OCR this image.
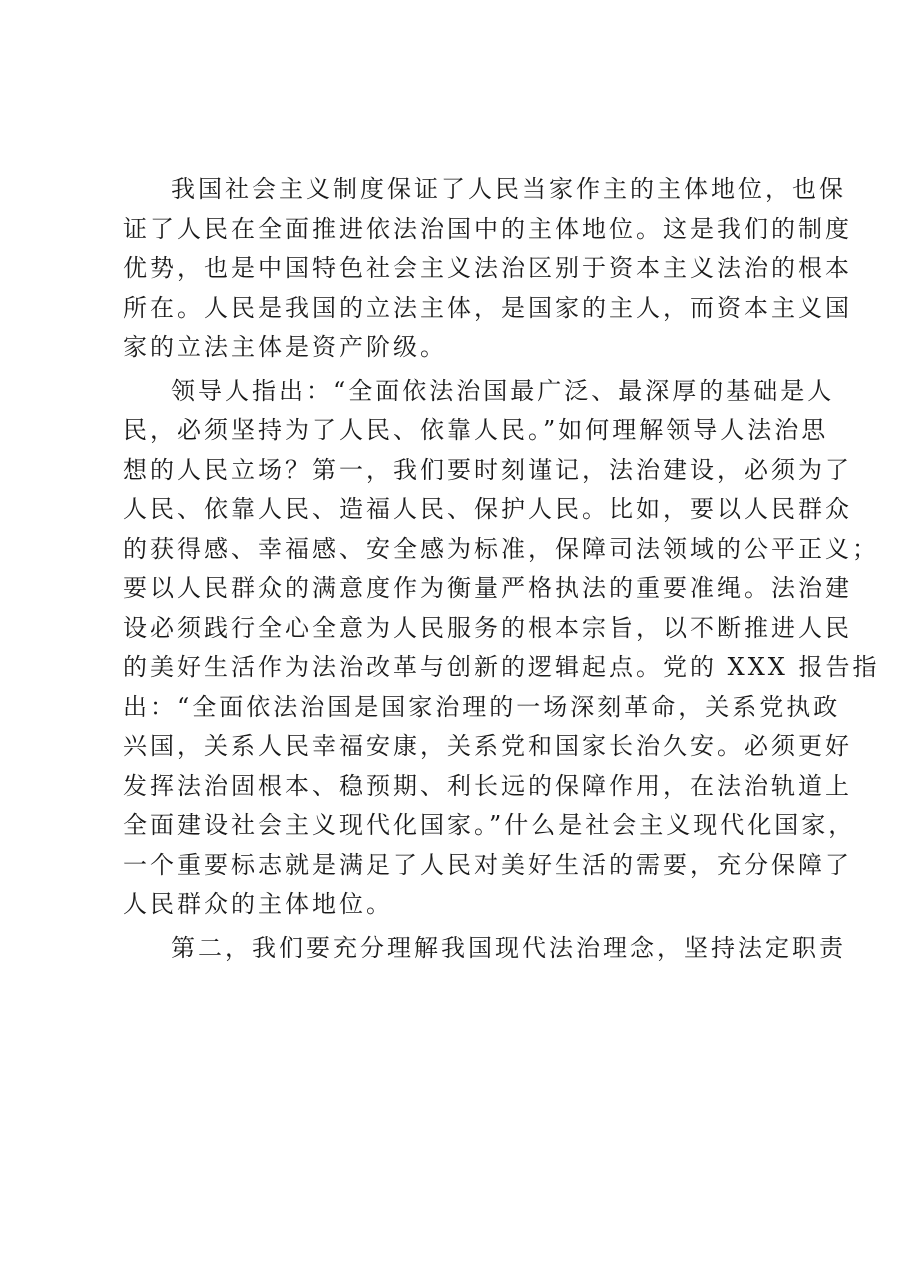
我国社会主义制度保证了人民当家作主的主体地位，也保
证了人民在全面推进依法治国中的主体地位。这是我们的制度
优势，也是中国特色社会主义法治区别于资本主义法治的根本
所在。人民是我国的立法主体，是国家的主人，而资本主义国
家的立法主体是资产阶级。
领导人指出：“全面依法治国最广泛、最深厚的基础是人
民，必须坚持为了人民、依靠人民。”如何理解领导人法治思
想的人民立场？第一，我们要时刻谨记，法治建设，必须为了
人民、依靠人民、造福人民、保护人民。比如，要以人民群众
的获得感、幸福感、安全感为标准，保障司法领域的公平正义；
要以人民群众的满意度作为衡量严格执法的重要准绳。法治建
设必须践行全心全意为人民服务的根本宗旨，以不断推进人民
的美好生活作为法治改革与创新的逻辑起点。党的 XXX 报告指
出：“全面依法治国是国家治理的一场深刻革命，关系党执政
兴国，关系人民幸福安康，关系党和国家长治久安。必须更好
发挥法治固根本、稳预期、利长远的保障作用，在法治轨道上
全面建设社会主义现代化国家。”什么是社会主义现代化国家，
一个重要标志就是满足了人民对美好生活的需要，充分保障了
人民群众的主体地位。
第二，我们要充分理解我国现代法治理念，坚持法定职责
